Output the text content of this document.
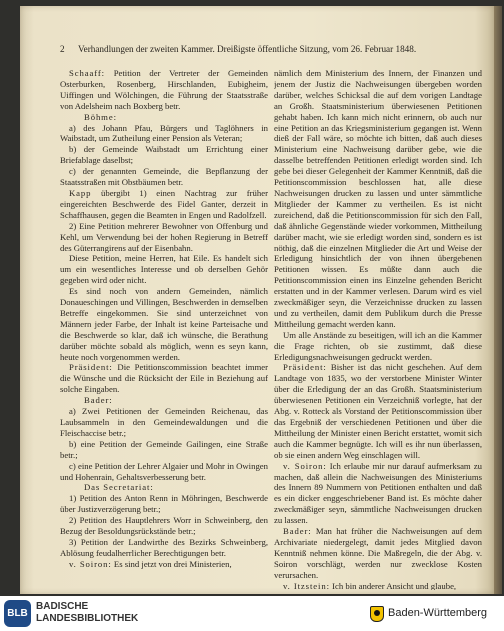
2 Verhandlungen der zweiten Kammer. Dreißigste öffentliche Sitzung, vom 26. Februar 1848.

Schaaff: Petition der Vertreter der Gemeinden Osterburken, Rosenberg, Hirschlanden, Eubigheim, Uiffingen und Wölchingen, die Führung der Staatsstraße von Adelsheim nach Boxberg betr.

Böhme:

a) des Johann Pfau, Bürgers und Taglöhners in Waibstadt, um Zutheilung einer Pension als Veteran;

b) der Gemeinde Waibstadt um Errichtung einer Briefablage daselbst;

c) der genannten Gemeinde, die Bepflanzung der Staatsstraßen mit Obstbäumen betr.

Kapp übergibt 1) einen Nachtrag zur früher eingereichten Beschwerde des Fidel Ganter, derzeit in Schaffhausen, gegen die Beamten in Engen und Radolfzell.

2) Eine Petition mehrerer Bewohner von Offenburg und Kehl, um Verwendung bei der hohen Regierung in Betreff des Güterrangirens auf der Eisenbahn.

Diese Petition, meine Herren, hat Eile. Es handelt sich um ein wesentliches Interesse und ob derselben Gehör gegeben wird oder nicht.

Es sind noch von andern Gemeinden, nämlich Donaueschingen und Villingen, Beschwerden in demselben Betreffe eingekommen. Sie sind unterzeichnet von Männern jeder Farbe, der Inhalt ist keine Parteisache und die Beschwerde so klar, daß ich wünsche, die Berathung darüber möchte sobald als möglich, wenn es seyn kann, heute noch vorgenommen werden.

Präsident: Die Petitionscommission beachtet immer die Wünsche und die Rücksicht der Eile in Beziehung auf solche Eingaben.

Bader:

a) Zwei Petitionen der Gemeinden Reichenau, das Laubsammeln in den Gemeindewaldungen und die Fleischaccise betr.;

b) eine Petition der Gemeinde Gailingen, eine Straße betr.;

c) eine Petition der Lehrer Algaier und Mohr in Owingen und Hohenrain, Gehaltsverbesserung betr.

Das Secretariat:

1) Petition des Anton Renn in Möhringen, Beschwerde über Justizverzögerung betr.;

2) Petition des Hauptlehrers Worr in Schweinberg, den Bezug der Besoldungsrückstände betr.;

3) Petition der Landwirthe des Bezirks Schweinberg, Ablösung feudalherrlicher Berechtigungen betr.

v. Soiron: Es sind jetzt von drei Ministerien,

nämlich dem Ministerium des Innern, der Finanzen und jenem der Justiz die Nachweisungen übergeben worden darüber, welches Schicksal die auf dem vorigen Landtage an Großh. Staatsministerium überwiesenen Petitionen gehabt haben. Ich kann mich nicht erinnern, ob auch nur eine Petition an das Kriegsministerium gegangen ist. Wenn dieß der Fall wäre, so möchte ich bitten, daß auch dieses Ministerium eine Nachweisung darüber gebe, wie die dasselbe betreffenden Petitionen erledigt worden sind. Ich gebe bei dieser Gelegenheit der Kammer Kenntniß, daß die Petitionscommission beschlossen hat, alle diese Nachweisungen drucken zu lassen und unter sämmtliche Mitglieder der Kammer zu vertheilen. Es ist nicht zureichend, daß die Petitionscommission für sich den Fall, daß ähnliche Gegenstände wieder vorkommen, Mittheilung darüber macht, wie sie erledigt worden sind, sondern es ist nöthig, daß die einzelnen Mitglieder die Art und Weise der Erledigung hinsichtlich der von ihnen übergebenen Petitionen wissen. Es müßte dann auch die Petitionscommission einen ins Einzelne gehenden Bericht erstatten und in der Kammer verlesen. Darum wird es viel zweckmäßiger seyn, die Verzeichnisse drucken zu lassen und zu vertheilen, damit dem Publikum durch die Presse Mittheilung gemacht werden kann.

Um alle Anstände zu beseitigen, will ich an die Kammer die Frage richten, ob sie zustimmt, daß diese Erledigungsnachweisungen gedruckt werden.

Präsident: Bisher ist das nicht geschehen. Auf dem Landtage von 1835, wo der verstorbene Minister Winter über die Erledigung der an das Großh. Staatsministerium überwiesenen Petitionen ein Verzeichniß vorlegte, hat der Abg. v. Rotteck als Vorstand der Petitionscommission über das Ergebniß der verschiedenen Petitionen und über die Mittheilung der Minister einen Bericht erstattet, womit sich auch die Kammer begnügte. Ich will es ihr nun überlassen, ob sie einen andern Weg einschlagen will.

v. Soiron: Ich erlaube mir nur darauf aufmerksam zu machen, daß allein die Nachweisungen des Ministeriums des Innern 89 Nummern von Petitionen enthalten und daß es ein dicker enggeschriebener Band ist. Es möchte daher zweckmäßiger seyn, sämmtliche Nachweisungen drucken zu lassen.

Bader: Man hat früher die Nachweisungen auf dem Archivariate niedergelegt, damit jedes Mitglied davon Kenntniß nehmen könne. Die Maßregeln, die der Abg. v. Soiron vorschlägt, werden nur zwecklose Kosten verursachen.

v. Itzstein: Ich bin anderer Ansicht und glaube,

BLB
BADISCHE
LANDESBIBLIOTHEK	Baden-Württemberg
